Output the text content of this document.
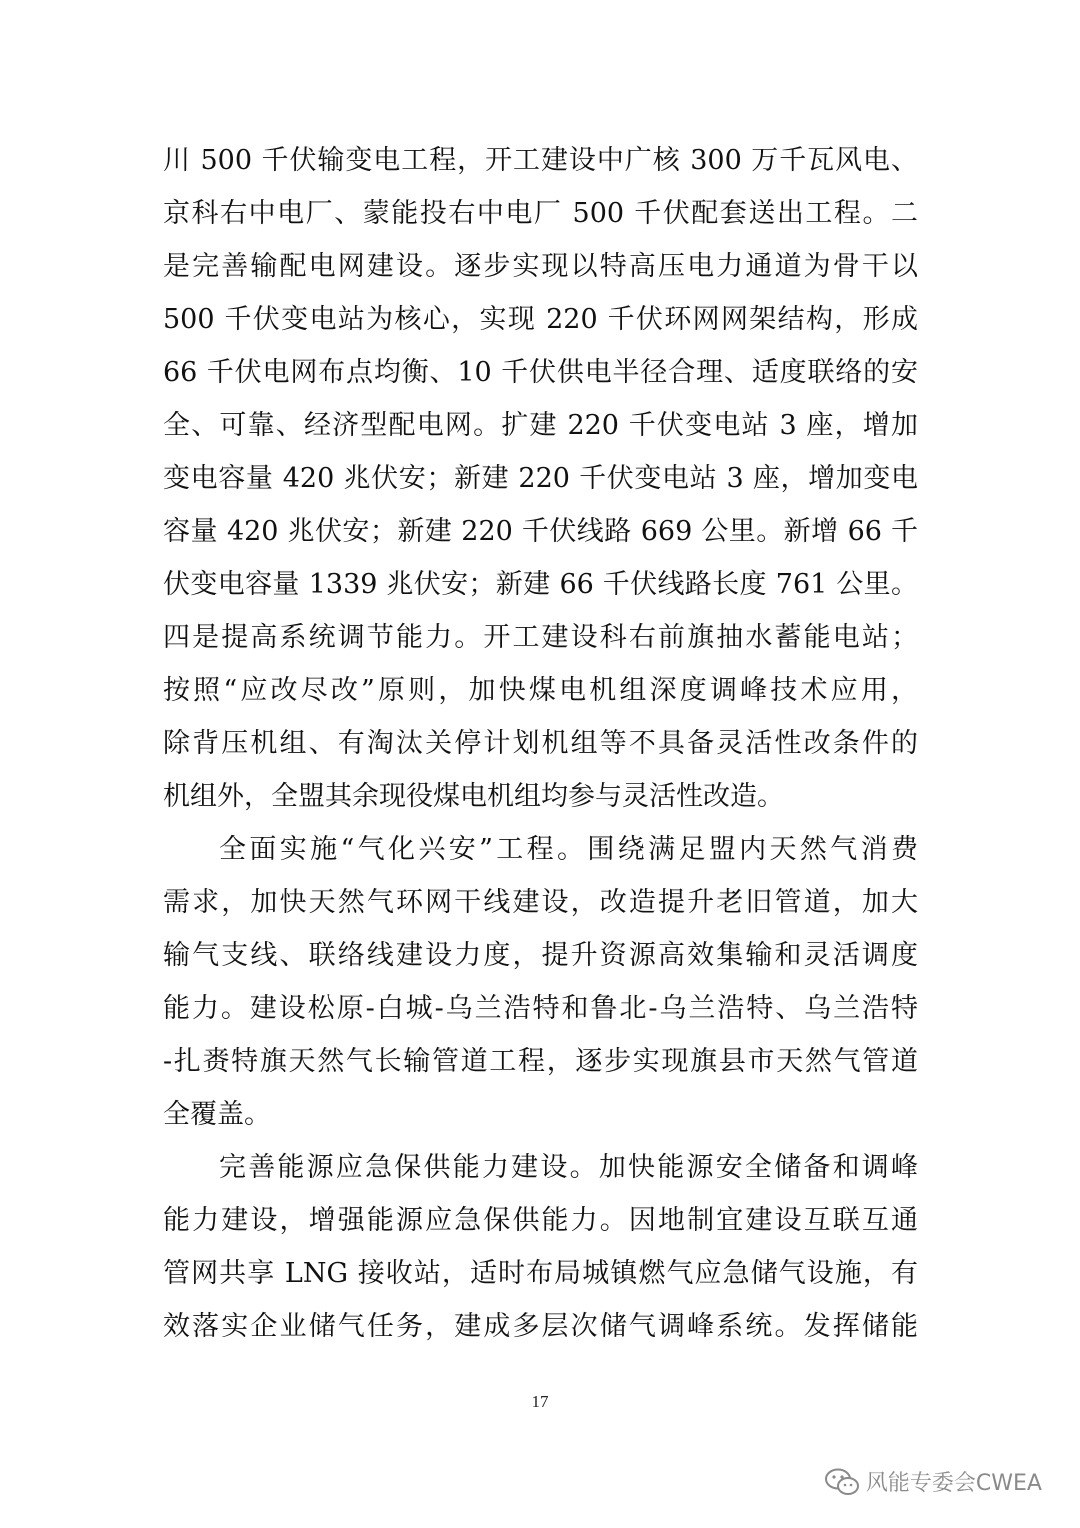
川 500 千伏输变电工程，开工建设中广核 300 万千瓦风电、
京科右中电厂、蒙能投右中电厂 500 千伏配套送出工程。二
是完善输配电网建设。逐步实现以特高压电力通道为骨干以
500 千伏变电站为核心，实现 220 千伏环网网架结构，形成
66 千伏电网布点均衡、10 千伏供电半径合理、适度联络的安
全、可靠、经济型配电网。扩建 220 千伏变电站 3 座，增加
变电容量 420 兆伏安；新建 220 千伏变电站 3 座，增加变电
容量 420 兆伏安；新建 220 千伏线路 669 公里。新增 66 千
伏变电容量 1339 兆伏安；新建 66 千伏线路长度 761 公里。
四是提高系统调节能力。开工建设科右前旗抽水蓄能电站；
按照“应改尽改”原则，加快煤电机组深度调峰技术应用，
除背压机组、有淘汰关停计划机组等不具备灵活性改条件的
机组外，全盟其余现役煤电机组均参与灵活性改造。
全面实施“气化兴安”工程。围绕满足盟内天然气消费
需求，加快天然气环网干线建设，改造提升老旧管道，加大
输气支线、联络线建设力度，提升资源高效集输和灵活调度
能力。建设松原-白城-乌兰浩特和鲁北-乌兰浩特、乌兰浩特
-扎赉特旗天然气长输管道工程，逐步实现旗县市天然气管道
全覆盖。
完善能源应急保供能力建设。加快能源安全储备和调峰
能力建设，增强能源应急保供能力。因地制宜建设互联互通
管网共享 LNG 接收站，适时布局城镇燃气应急储气设施，有
效落实企业储气任务，建成多层次储气调峰系统。发挥储能
17
风能专委会CWEA
